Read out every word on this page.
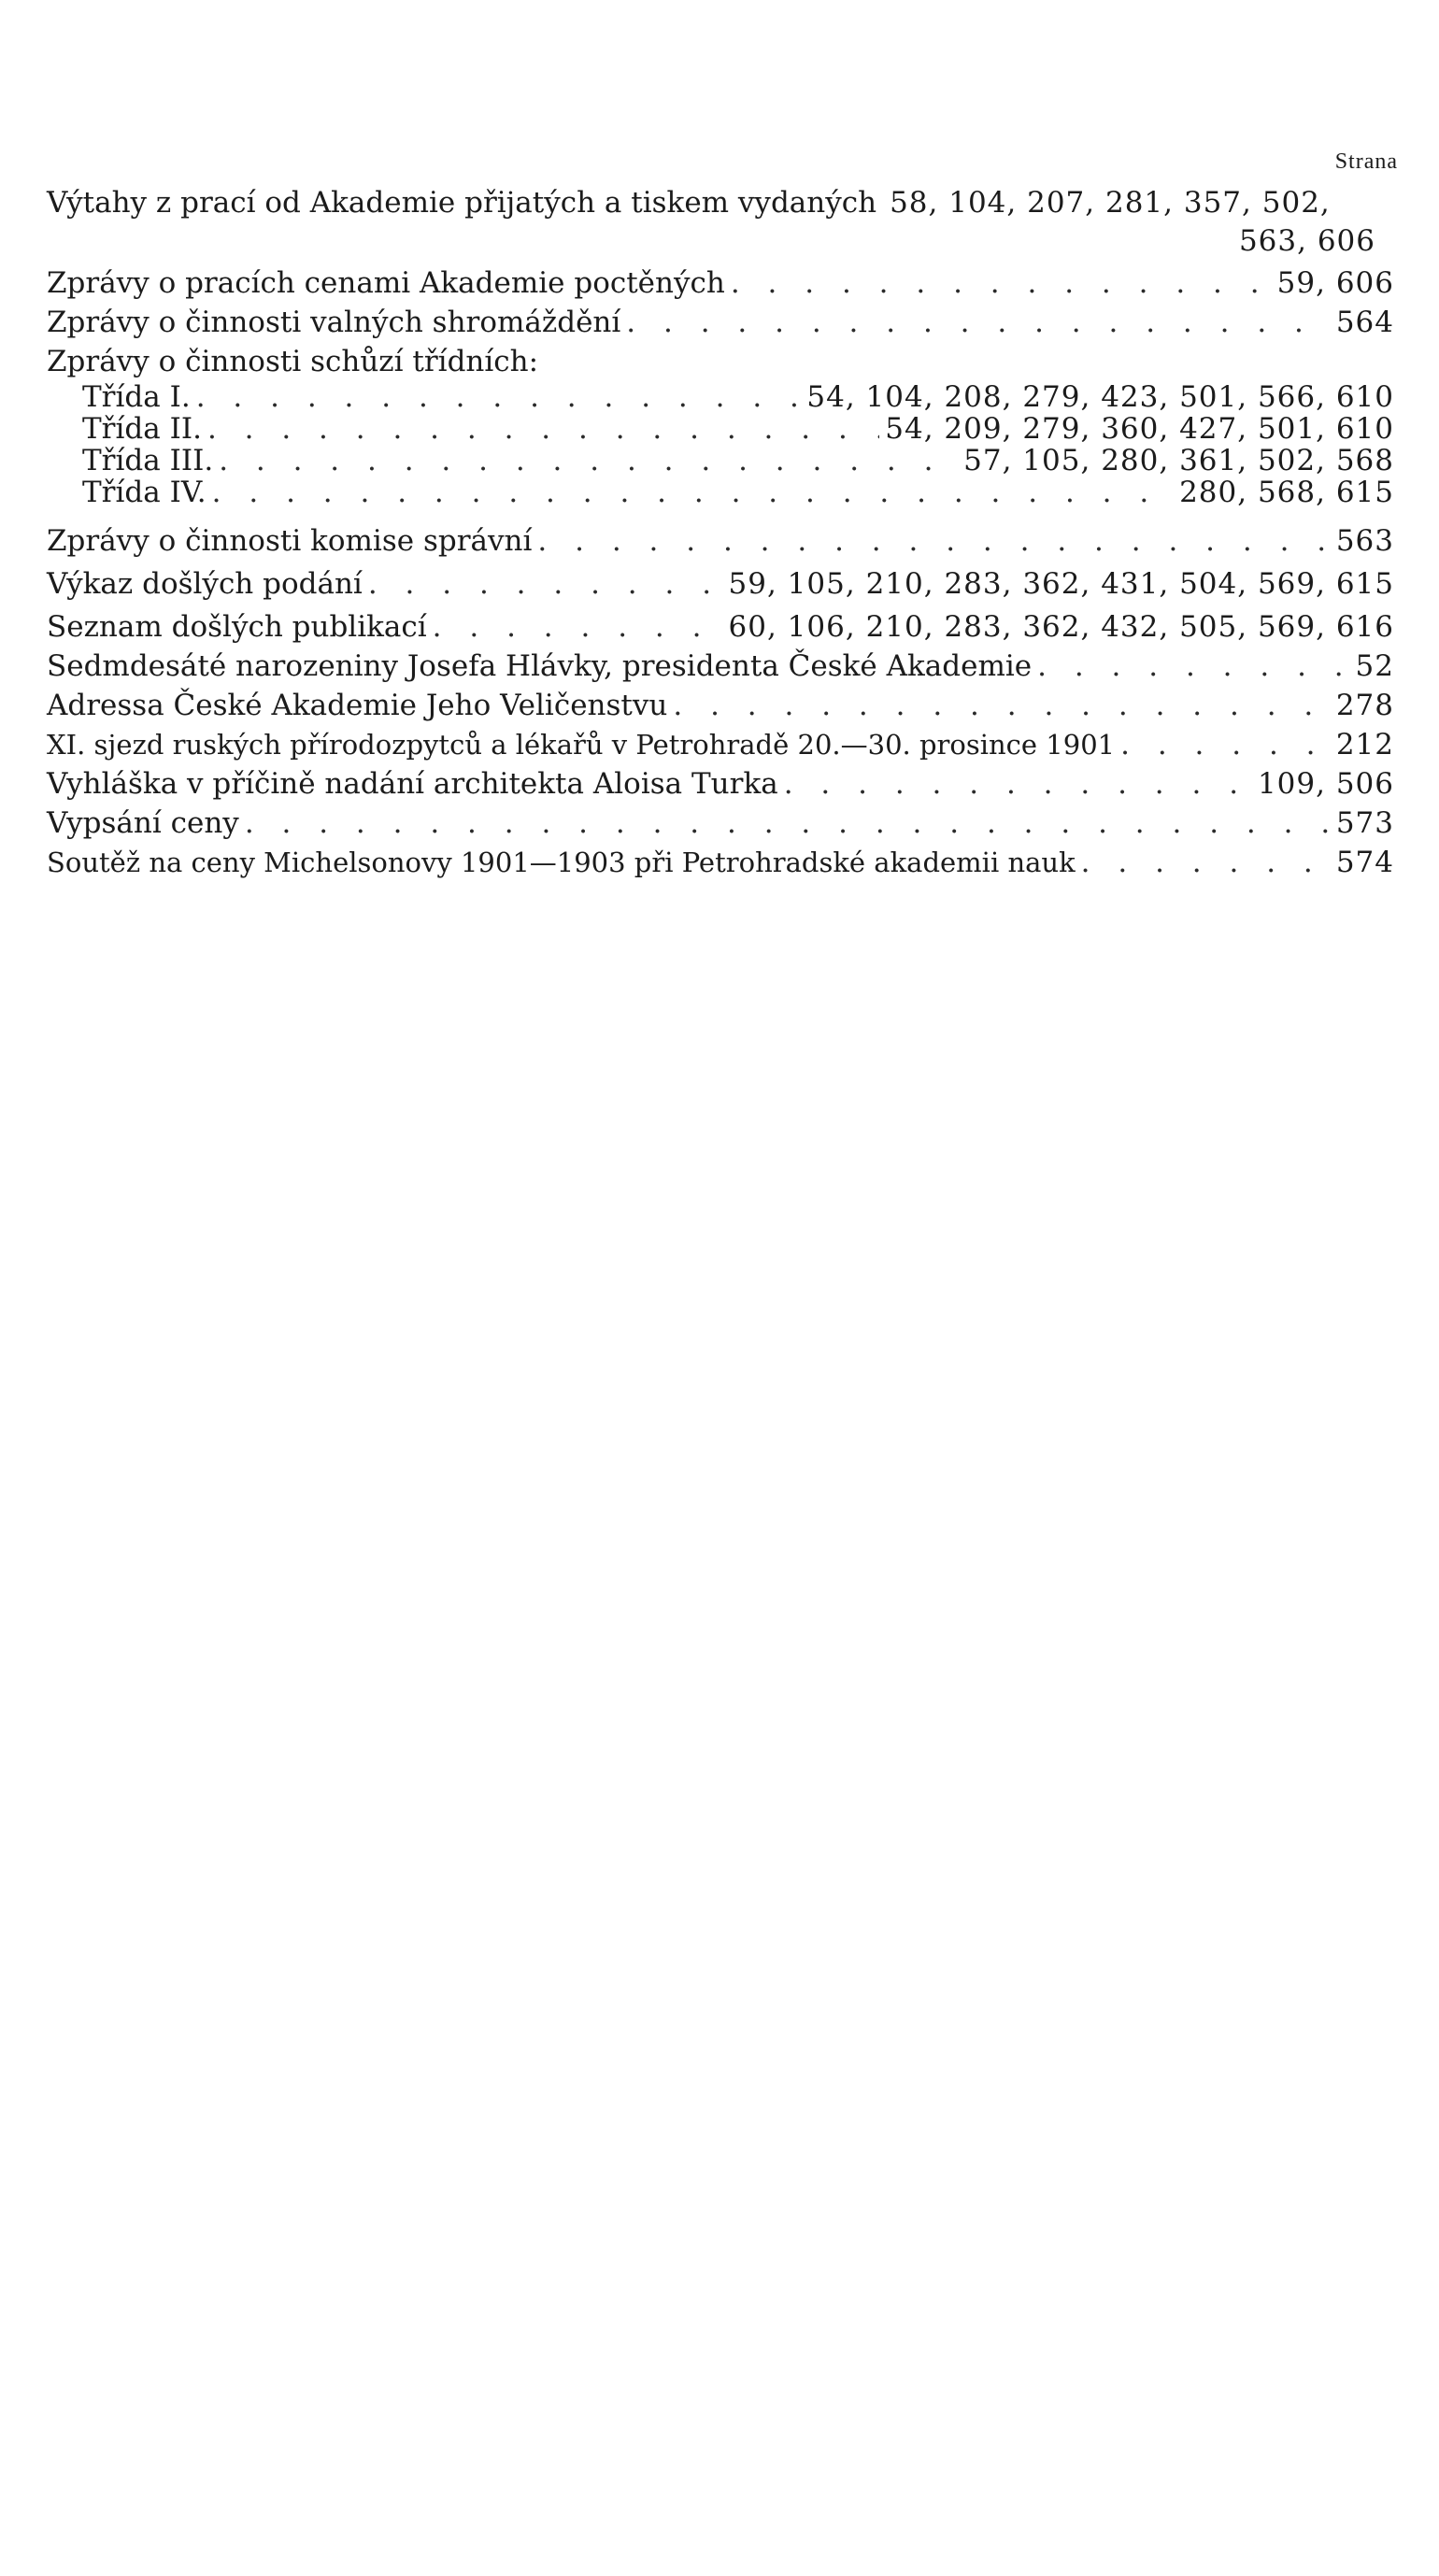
Strana
Výtahy z prací od Akademie přijatých a tiskem vydaných 58, 104, 207, 281, 357, 502,
563, 606
Zprávy o pracích cenami Akademie poctěných . . .	59, 606
Zprávy o činnosti valných shromáždění . . .	564
Zprávy o činnosti schůzí třídních:
Třída I. . . .	54, 104, 208, 279, 423, 501, 566, 610
Třída II. . . .	54, 209, 279, 360, 427, 501, 610
Třída III. . . .	57, 105, 280, 361, 502, 568
Třída IV. . . .	280, 568, 615
Zprávy o činnosti komise správní . . .	563
Výkaz došlých podání . . .	59, 105, 210, 283, 362, 431, 504, 569, 615
Seznam došlých publikací . . .	60, 106, 210, 283, 362, 432, 505, 569, 616
Sedmdesáté narozeniny Josefa Hlávky, presidenta České Akademie . . .	52
Adressa České Akademie Jeho Veličenstvu . . .	278
XI. sjezd ruských přírodozpytců a lékařů v Petrohradě 20.—30. prosince 1901 . . .	212
Vyhláška v příčině nadání architekta Aloisa Turka . . .	109, 506
Vypsání ceny . . .	573
Soutěž na ceny Michelsonovy 1901—1903 při Petrohradské akademii nauk . . .	574
